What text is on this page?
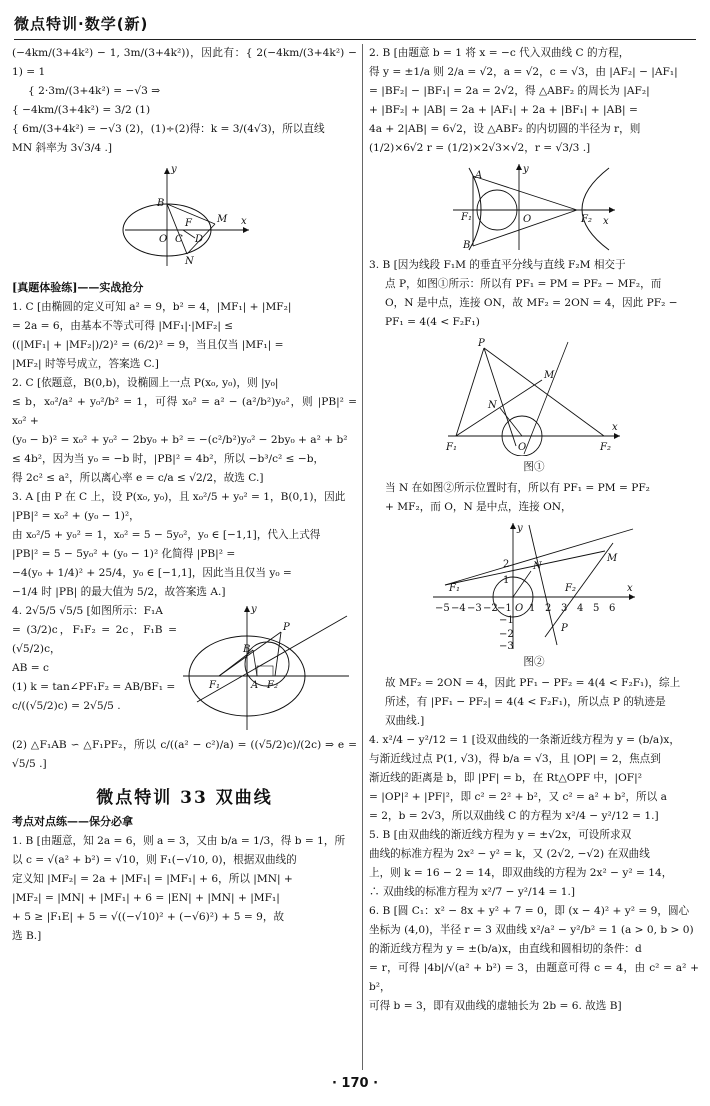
微点特训·数学(新)
(−4km/(3+4k²) − 1, 3m/(3+4k²))，因此有：{ 2(−4km/(3+4k²) − 1) = 1
{ 2·3m/(3+4k²) = −√3 ⇒
{ −4km/(3+4k²) = 3/2 (1)
{ 6m/(3+4k²) = −√3 (2)，(1)÷(2)得：k = 3/(4√3)，所以直线
MN 斜率为 3√3/4 .]
y
x
B
F	M
O C D
N
[真题体验练]——实战抢分
1. C [由椭圆的定义可知 a² = 9，b² = 4，|MF₁| + |MF₂|
= 2a = 6，由基本不等式可得 |MF₁|·|MF₂| ≤
((|MF₁| + |MF₂|)/2)² = (6/2)² = 9，当且仅当 |MF₁| =
|MF₂| 时等号成立，答案选 C.]
2. C [依题意，B(0,b)，设椭圆上一点 P(x₀, y₀)，则 |y₀|
≤ b，x₀²/a² + y₀²/b² = 1，可得 x₀² = a² − (a²/b²)y₀²，则 |PB|² = x₀² +
(y₀ − b)² = x₀² + y₀² − 2by₀ + b² = −(c²/b²)y₀² − 2by₀ + a² + b²
≤ 4b²，因为当 y₀ = −b 时，|PB|² = 4b²，所以 −b³/c² ≤ −b，
得 2c² ≤ a²，所以离心率 e = c/a ≤ √2/2，故选 C.]
3. A [由 P 在 C 上，设 P(x₀, y₀)，且 x₀²/5 + y₀² = 1，B(0,1)，因此
|PB|² = x₀² + (y₀ − 1)²，
由 x₀²/5 + y₀² = 1，x₀² = 5 − 5y₀²，y₀ ∈ [−1,1]，代入上式得
|PB|² = 5 − 5y₀² + (y₀ − 1)² 化简得 |PB|² =
−4(y₀ + 1/4)² + 25/4，y₀ ∈ [−1,1]，因此当且仅当 y₀ =
−1/4 时 |PB| 的最大值为 5/2，故答案选 A.]
4. 2√5/5 √5/5 [如图所示：F₁A
= (3/2)c，F₁F₂ = 2c，F₁B = (√5/2)c，
AB = c
(1) k = tan∠PF₁F₂ = AB/BF₁ =
c/((√5/2)c) = 2√5/5 .
y
P
B
F₁	A F₂
(2) △F₁AB ∽ △F₁PF₂，所以 c/((a² − c²)/a) = ((√5/2)c)/(2c) ⇒ e = √5/5 .]
微点特训 33 双曲线
考点对点练——保分必拿
1. B [由题意，知 2a = 6，则 a = 3，又由 b/a = 1/3，得 b = 1，所
以 c = √(a² + b²) = √10，则 F₁(−√10, 0)，根据双曲线的
定义知 |MF₂| = 2a + |MF₁| = |MF₁| + 6，所以 |MN| +
|MF₂| = |MN| + |MF₁| + 6 = |EN| + |MN| + |MF₁|
+ 5 ≥ |F₁E| + 5 = √((−√10)² + (−√6)²) + 5 = 9，故
选 B.]
2. B [由题意 b = 1 将 x = −c 代入双曲线 C 的方程，
得 y = ±1/a 则 2/a = √2，a = √2，c = √3，由 |AF₂| − |AF₁|
= |BF₂| − |BF₁| = 2a = 2√2，得 △ABF₂ 的周长为 |AF₂|
+ |BF₂| + |AB| = 2a + |AF₁| + 2a + |BF₁| + |AB| =
4a + 2|AB| = 6√2，设 △ABF₂ 的内切圆的半径为 r，则
(1/2)×6√2 r = (1/2)×2√3×√2，r = √3/3 .]
y
x
A
B
F₁	O	F₂
3. B [因为线段 F₁M 的垂直平分线与直线 F₂M 相交于
点 P，如图①所示：所以有 PF₁ = PM = PF₂ − MF₂，而
O，N 是中点，连接 ON，故 MF₂ = 2ON = 4，因此 PF₂ −
PF₁ = 4(4 < F₂F₁)
P
M
N
F₁	O	F₂
x
图①
当 N 在如图②所示位置时有，所以有 PF₁ = PM = PF₂
+ MF₂，而 O，N 是中点，连接 ON，
−5 −4 −3 −2 −1 O 1 2 3 4 5 6
2
1
−1
−2
−3
y
x
N
M
F₁	F₂
P
图②
故 MF₂ = 2ON = 4，因此 PF₁ − PF₂ = 4(4 < F₂F₁)，综上
所述，有 |PF₁ − PF₂| = 4(4 < F₂F₁)，所以点 P 的轨迹是
双曲线.]
4. x²/4 − y²/12 = 1 [设双曲线的一条渐近线方程为 y = (b/a)x，
与渐近线过点 P(1, √3)，得 b/a = √3，且 |OP| = 2，焦点到
渐近线的距离是 b，即 |PF| = b，在 Rt△OPF 中，|OF|²
= |OP|² + |PF|²，即 c² = 2² + b²，又 c² = a² + b²，所以 a
= 2，b = 2√3，所以双曲线 C 的方程为 x²/4 − y²/12 = 1.]
5. B [由双曲线的渐近线方程为 y = ±√2x，可设所求双
曲线的标准方程为 2x² − y² = k，又 (2√2, −√2) 在双曲线
上，则 k = 16 − 2 = 14，即双曲线的方程为 2x² − y² = 14，
∴ 双曲线的标准方程为 x²/7 − y²/14 = 1.]
6. B [圆 C₁：x² − 8x + y² + 7 = 0，即 (x − 4)² + y² = 9，圆心
坐标为 (4,0)，半径 r = 3 双曲线 x²/a² − y²/b² = 1 (a > 0, b > 0)
的渐近线方程为 y = ±(b/a)x，由直线和圆相切的条件：d
= r，可得 |4b|/√(a² + b²) = 3，由题意可得 c = 4，由 c² = a² + b²，
可得 b = 3，即有双曲线的虚轴长为 2b = 6. 故选 B]
· 170 ·
